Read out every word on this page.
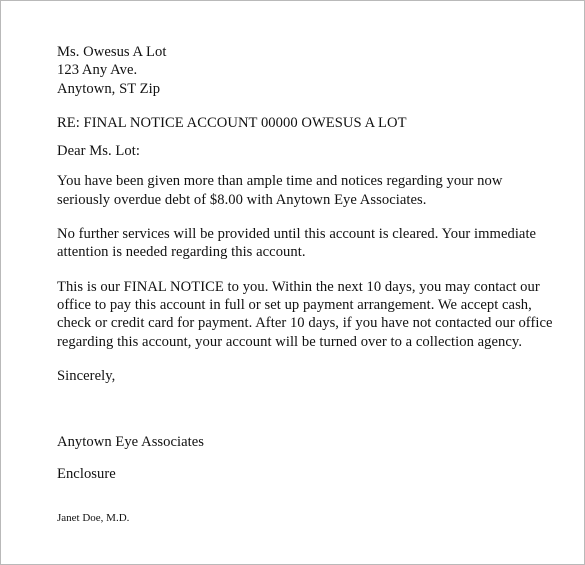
Ms. Owesus A Lot
123 Any Ave.
Anytown, ST Zip
RE: FINAL NOTICE ACCOUNT 00000 OWESUS A LOT
Dear Ms. Lot:
You have been given more than ample time and notices regarding your now
seriously overdue debt of $8.00 with Anytown Eye Associates.
No further services will be provided until this account is cleared. Your immediate
attention is needed regarding this account.
This is our FINAL NOTICE to you. Within the next 10 days, you may contact our
office to pay this account in full or set up payment arrangement. We accept cash,
check or credit card for payment. After 10 days, if you have not contacted our office
regarding this account, your account will be turned over to a collection agency.
Sincerely,
Anytown Eye Associates
Enclosure
Janet Doe, M.D.
